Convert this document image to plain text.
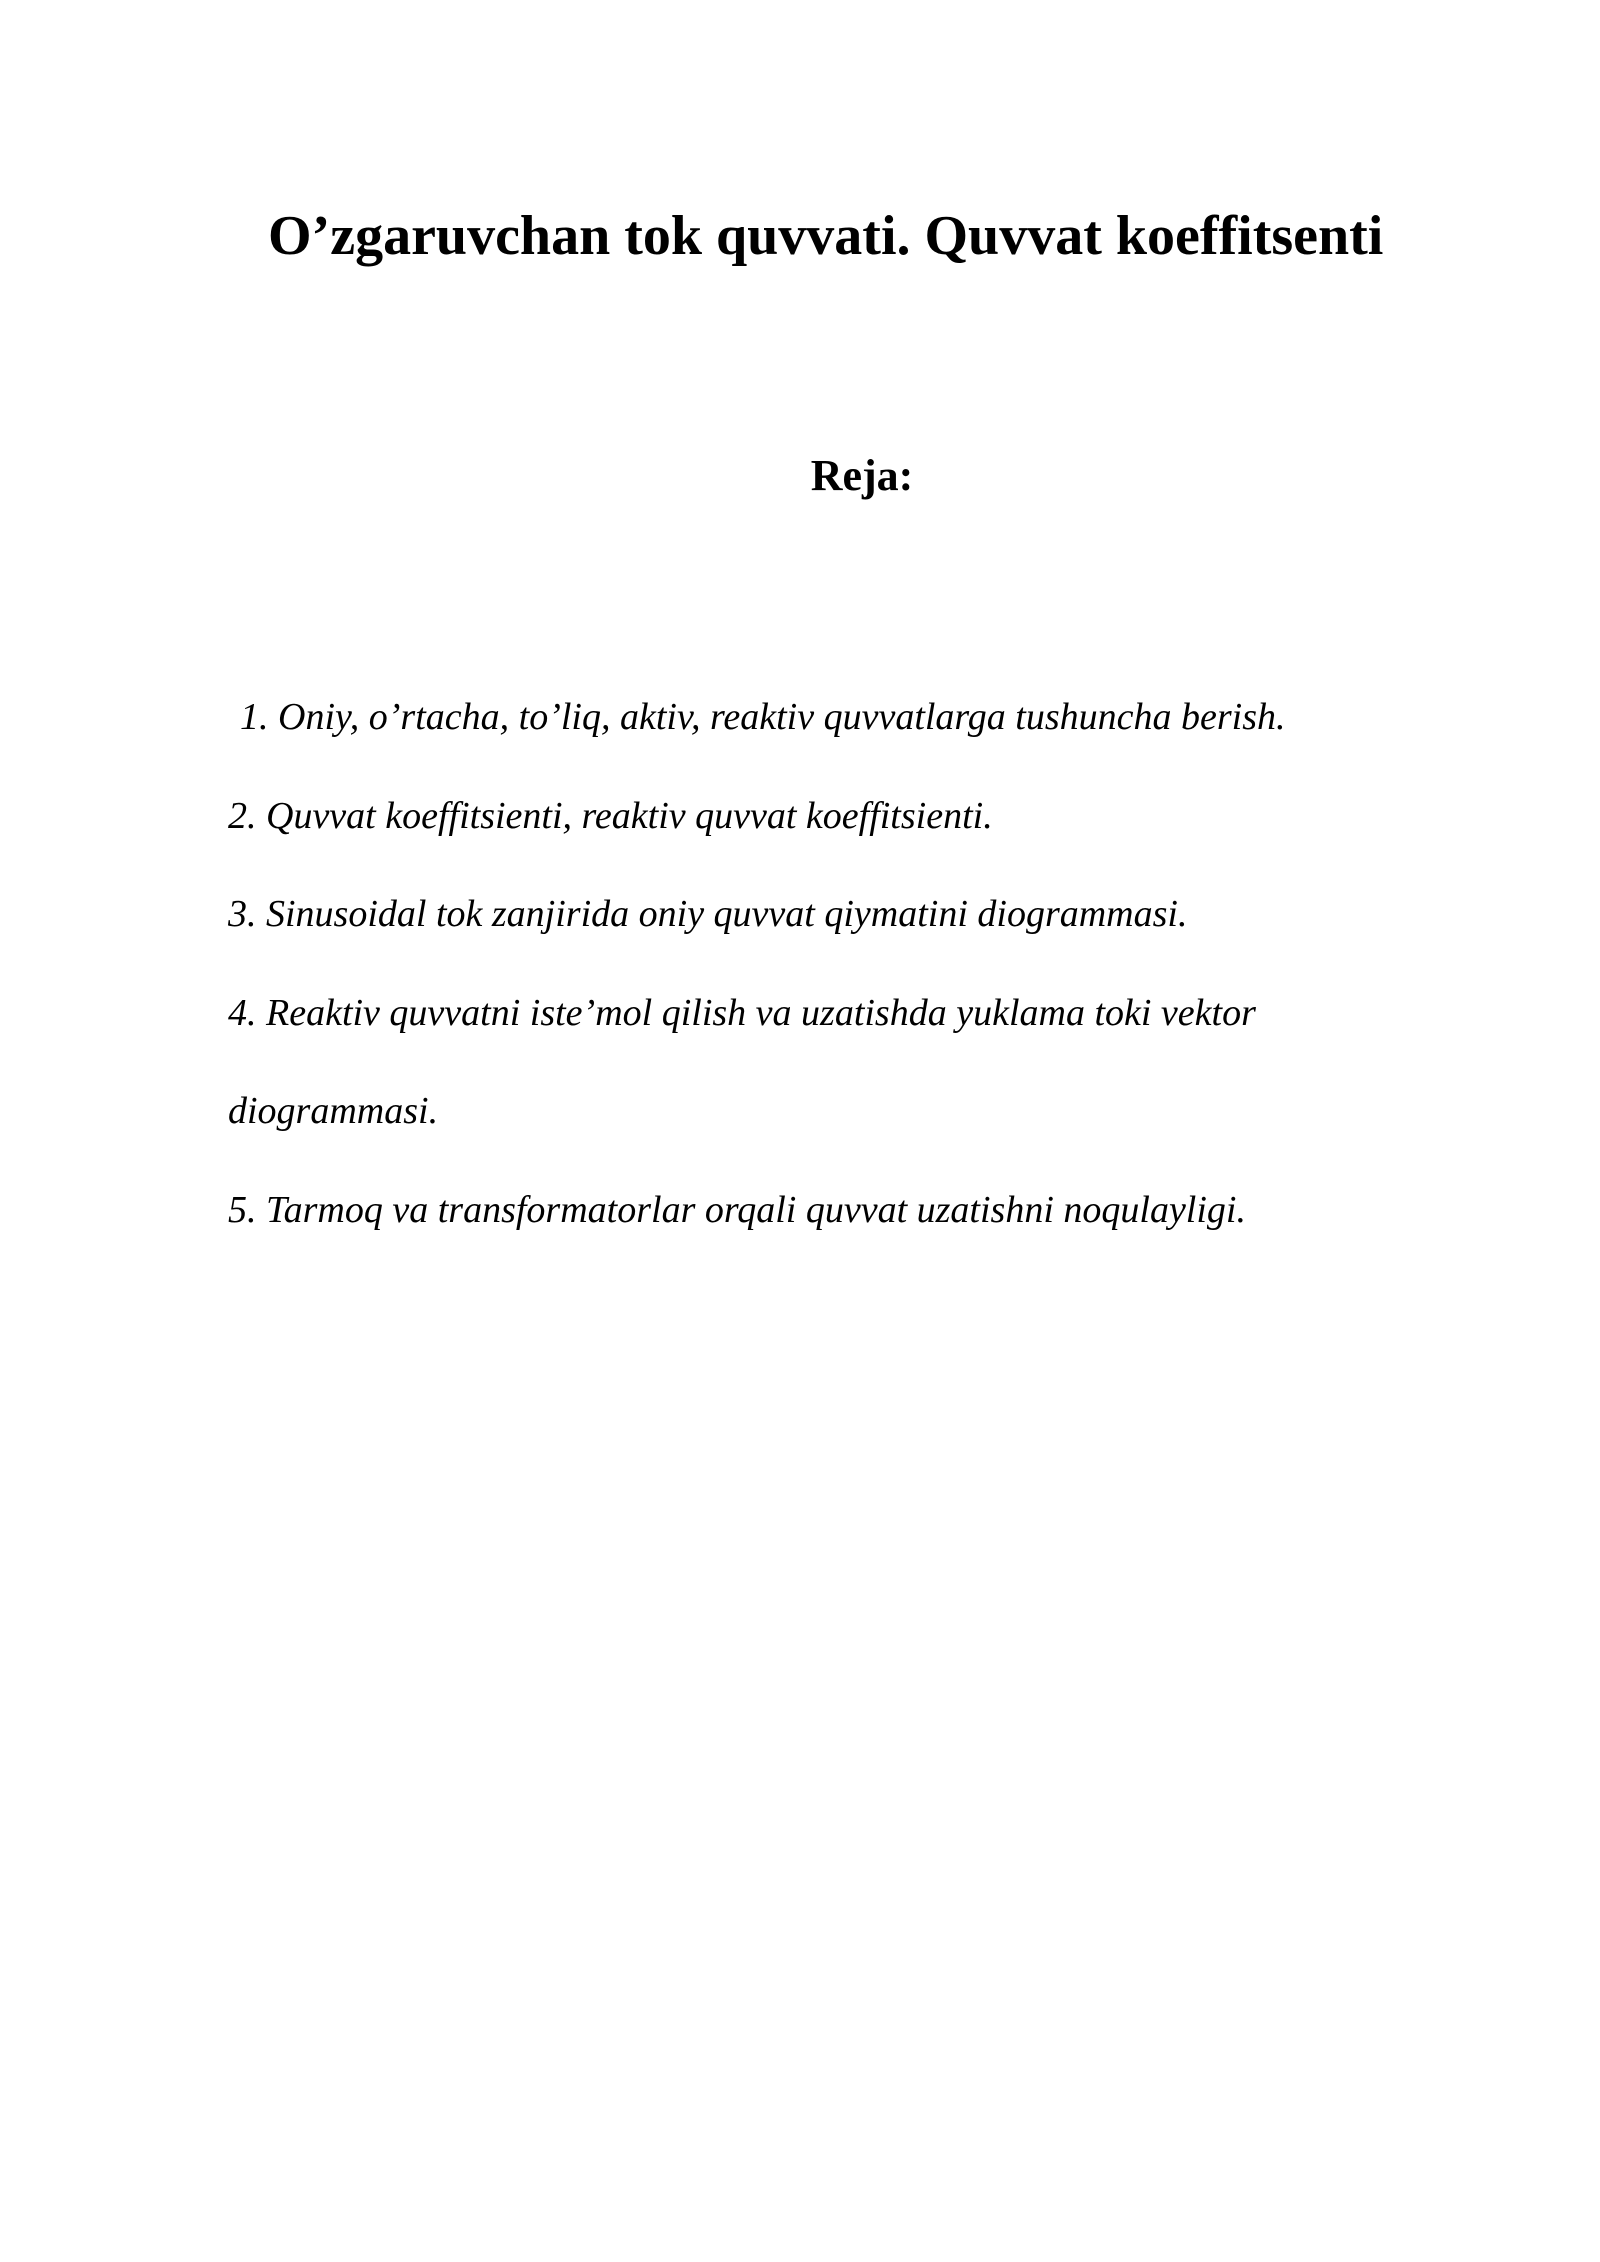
O’zgaruvchan tok quvvati. Quvvat koeffitsenti
Reja:
1. Oniy, o’rtacha, to’liq, aktiv, reaktiv quvvatlarga tushuncha berish.
2. Quvvat koeffitsienti, reaktiv quvvat koeffitsienti.
3. Sinusoidal tok zanjirida oniy quvvat qiymatini diogrammasi.
4. Reaktiv quvvatni iste’mol qilish va uzatishda yuklama toki vektor
diogrammasi.
5. Tarmoq va transformatorlar orqali quvvat uzatishni noqulayligi.
